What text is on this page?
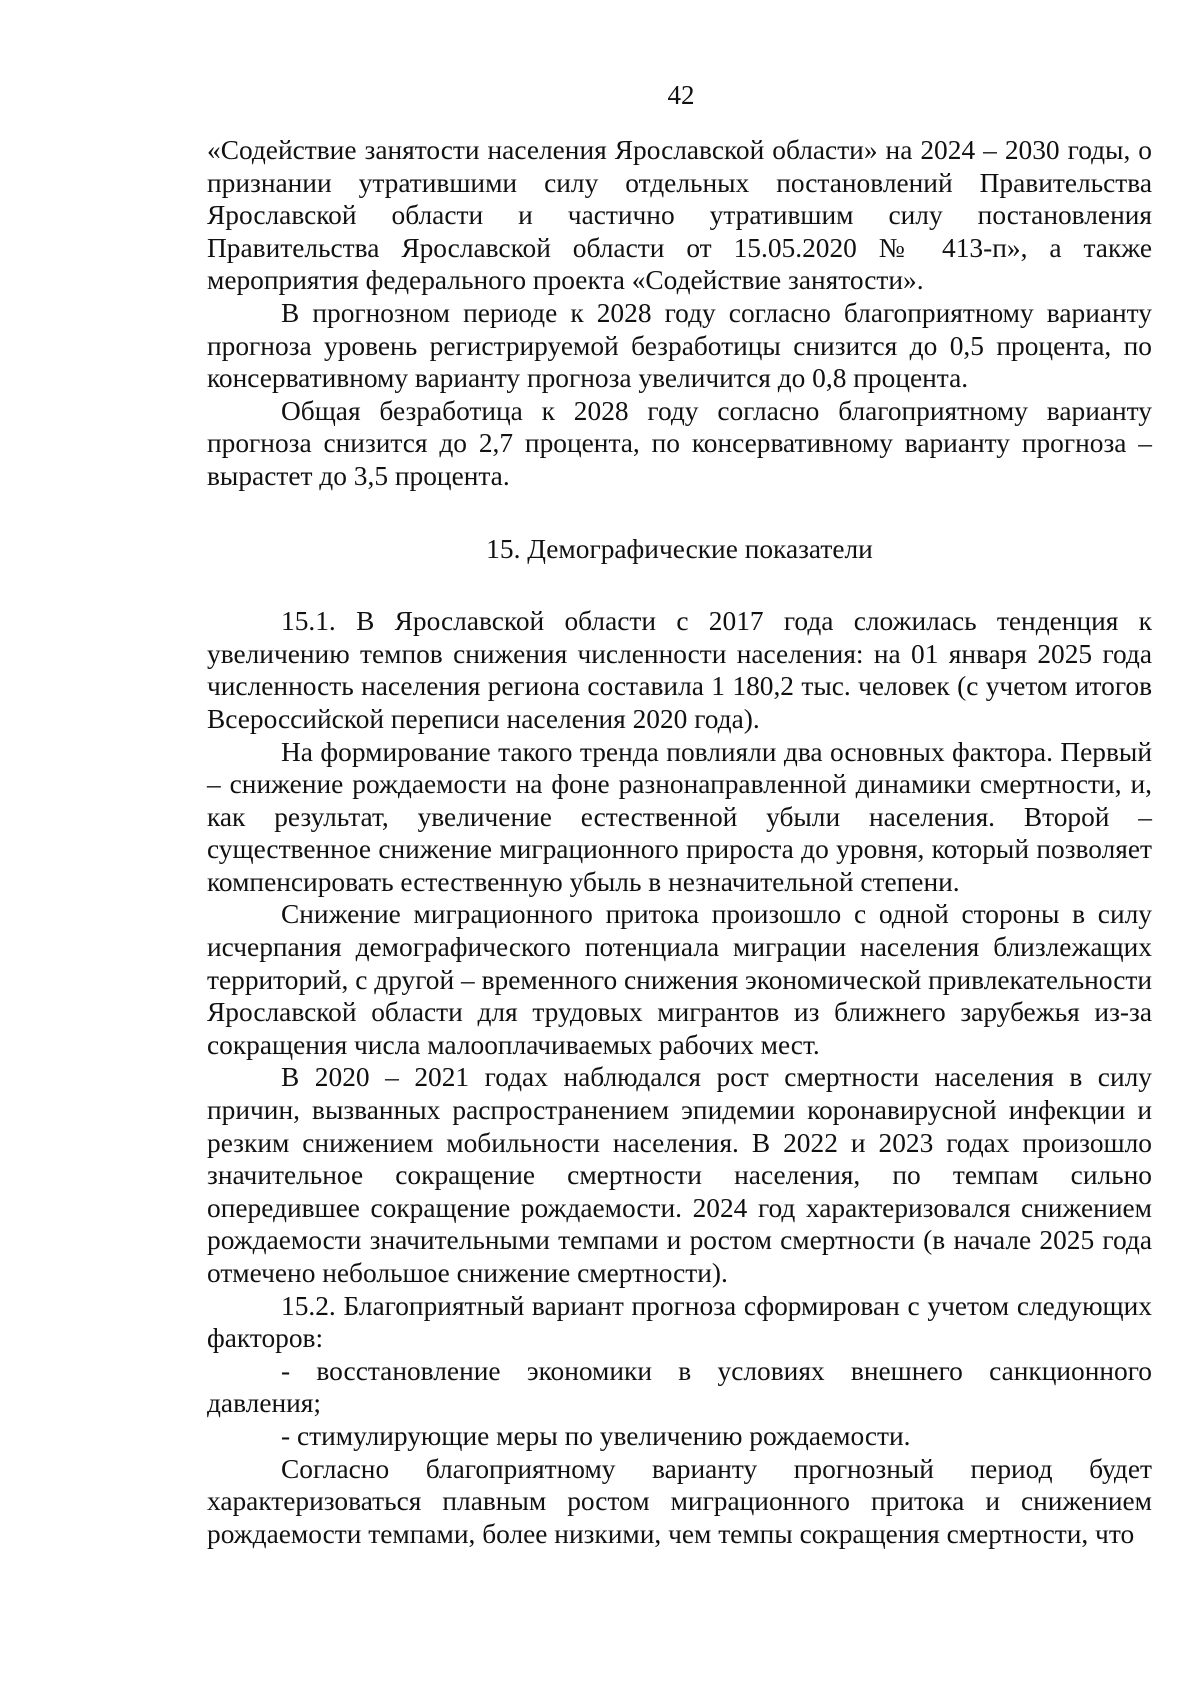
42

«Содействие занятости населения Ярославской области» на 2024 – 2030 годы, о признании утратившими силу отдельных постановлений Правительства Ярославской области и частично утратившим силу постановления Правительства Ярославской области от 15.05.2020 № 413-п», а также мероприятия федерального проекта «Содействие занятости».

В прогнозном периоде к 2028 году согласно благоприятному варианту прогноза уровень регистрируемой безработицы снизится до 0,5 процента, по консервативному варианту прогноза увеличится до 0,8 процента.

Общая безработица к 2028 году согласно благоприятному варианту прогноза снизится до 2,7 процента, по консервативному варианту прогноза – вырастет до 3,5 процента.

15. Демографические показатели

15.1. В Ярославской области с 2017 года сложилась тенденция к увеличению темпов снижения численности населения: на 01 января 2025 года численность населения региона составила 1 180,2 тыс. человек (с учетом итогов Всероссийской переписи населения 2020 года).

На формирование такого тренда повлияли два основных фактора. Первый – снижение рождаемости на фоне разнонаправленной динамики смертности, и, как результат, увеличение естественной убыли населения. Второй – существенное снижение миграционного прироста до уровня, который позволяет компенсировать естественную убыль в незначительной степени.

Снижение миграционного притока произошло с одной стороны в силу исчерпания демографического потенциала миграции населения близлежащих территорий, с другой – временного снижения экономической привлекательности Ярославской области для трудовых мигрантов из ближнего зарубежья из-за сокращения числа малооплачиваемых рабочих мест.

В 2020 – 2021 годах наблюдался рост смертности населения в силу причин, вызванных распространением эпидемии коронавирусной инфекции и резким снижением мобильности населения. В 2022 и 2023 годах произошло значительное сокращение смертности населения, по темпам сильно опередившее сокращение рождаемости. 2024 год характеризовался снижением рождаемости значительными темпами и ростом смертности (в начале 2025 года отмечено небольшое снижение смертности).

15.2. Благоприятный вариант прогноза сформирован с учетом следующих факторов:

- восстановление экономики в условиях внешнего санкционного давления;

- стимулирующие меры по увеличению рождаемости.

Согласно благоприятному варианту прогнозный период будет характеризоваться плавным ростом миграционного притока и снижением рождаемости темпами, более низкими, чем темпы сокращения смертности, что
